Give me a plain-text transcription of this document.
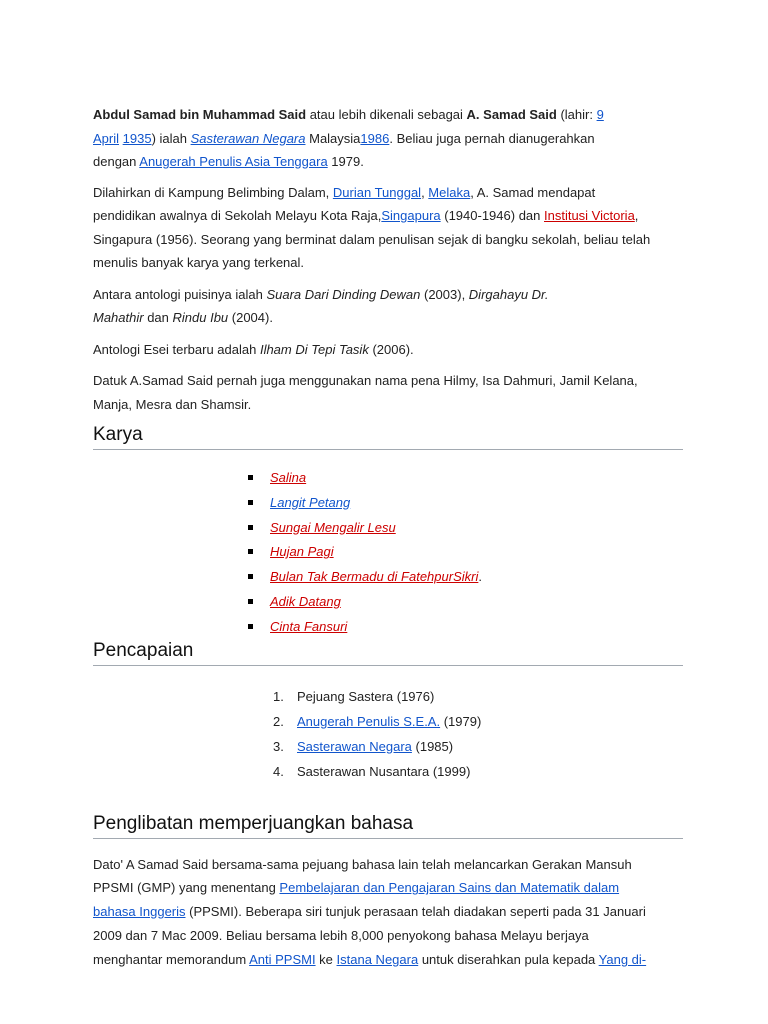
Abdul Samad bin Muhammad Said atau lebih dikenali sebagai A. Samad Said (lahir: 9
April 1935) ialah Sasterawan Negara Malaysia1986. Beliau juga pernah dianugerahkan
dengan Anugerah Penulis Asia Tenggara 1979.

Dilahirkan di Kampung Belimbing Dalam, Durian Tunggal, Melaka, A. Samad mendapat
pendidikan awalnya di Sekolah Melayu Kota Raja,Singapura (1940-1946) dan Institusi Victoria,
Singapura (1956). Seorang yang berminat dalam penulisan sejak di bangku sekolah, beliau telah
menulis banyak karya yang terkenal.

Antara antologi puisinya ialah Suara Dari Dinding Dewan (2003), Dirgahayu Dr.
Mahathir dan Rindu Ibu (2004).

Antologi Esei terbaru adalah Ilham Di Tepi Tasik (2006).

Datuk A.Samad Said pernah juga menggunakan nama pena Hilmy, Isa Dahmuri, Jamil Kelana,
Manja, Mesra dan Shamsir.

Karya
Salina
Langit Petang
Sungai Mengalir Lesu
Hujan Pagi
Bulan Tak Bermadu di FatehpurSikri.
Adik Datang
Cinta Fansuri
Pencapaian
1. Pejuang Sastera (1976)
2. Anugerah Penulis S.E.A. (1979)
3. Sasterawan Negara (1985)
4. Sasterawan Nusantara (1999)
Penglibatan memperjuangkan bahasa

Dato' A Samad Said bersama-sama pejuang bahasa lain telah melancarkan Gerakan Mansuh
PPSMI (GMP) yang menentang Pembelajaran dan Pengajaran Sains dan Matematik dalam
bahasa Inggeris (PPSMI). Beberapa siri tunjuk perasaan telah diadakan seperti pada 31 Januari
2009 dan 7 Mac 2009. Beliau bersama lebih 8,000 penyokong bahasa Melayu berjaya
menghantar memorandum Anti PPSMI ke Istana Negara untuk diserahkan pula kepada Yang di-
